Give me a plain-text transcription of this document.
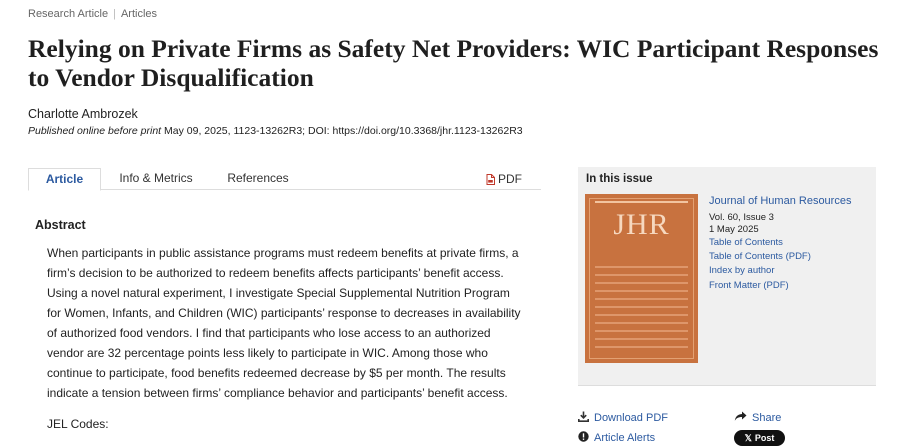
Research Article | Articles
Relying on Private Firms as Safety Net Providers: WIC Participant Responses to Vendor Disqualification
Charlotte Ambrozek
Published online before print May 09, 2025, 1123-13262R3; DOI: https://doi.org/10.3368/jhr.1123-13262R3
Article	Info & Metrics	References	PDF
Abstract

When participants in public assistance programs must redeem benefits at private firms, a firm’s decision to be authorized to redeem benefits affects participants’ benefit access. Using a novel natural experiment, I investigate Special Supplemental Nutrition Program for Women, Infants, and Children (WIC) participants’ response to decreases in availability of authorized food vendors. I find that participants who lose access to an authorized vendor are 32 percentage points less likely to participate in WIC. Among those who continue to participate, food benefits redeemed decrease by $5 per month. The results indicate a tension between firms’ compliance behavior and participants’ benefit access.

JEL Codes:
In this issue
JHR
Journal of Human Resources
Vol. 60, Issue 3
1 May 2025
Table of Contents
Table of Contents (PDF)
Index by author
Front Matter (PDF)
Download PDF
Article Alerts
Share
𝕏 Post
